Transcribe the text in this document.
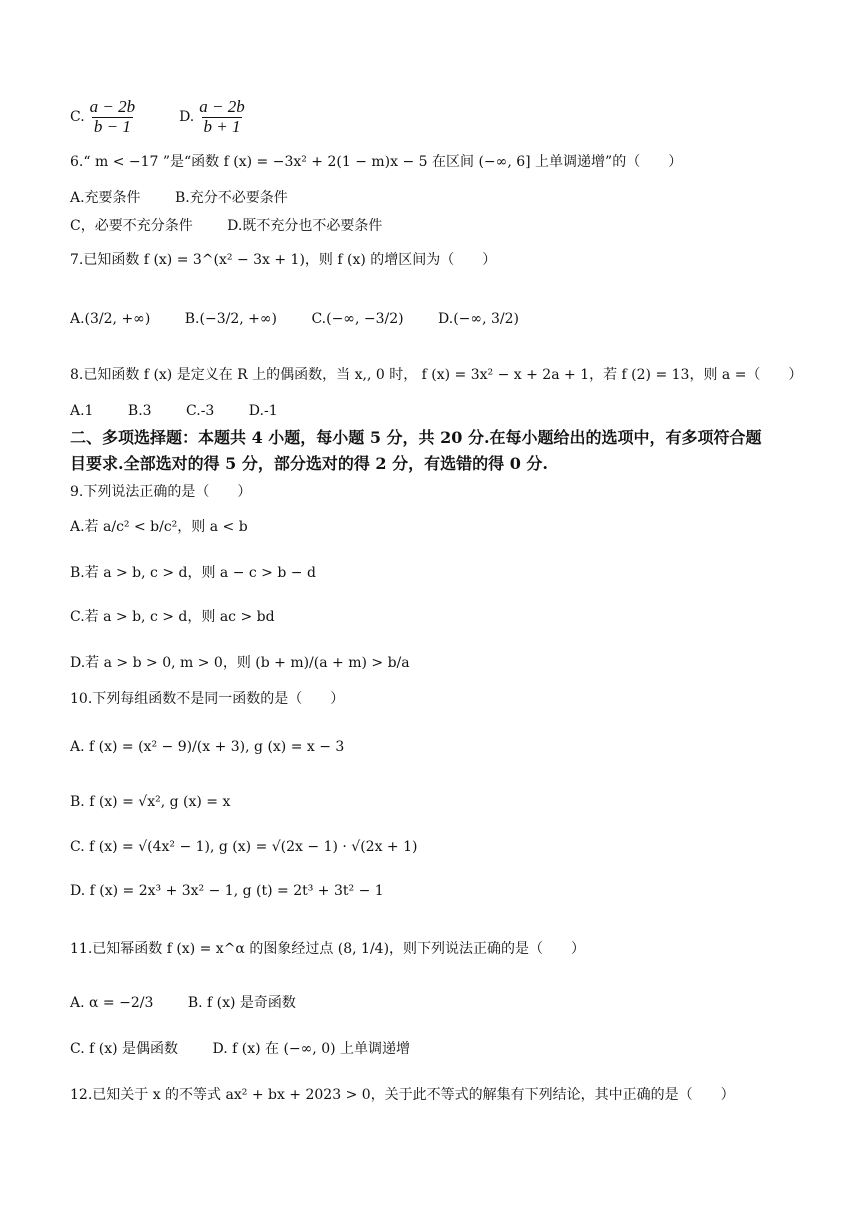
C. $\frac{a - 2b}{b - 1}$	D. $\frac{a - 2b}{b + 1}$
6.“ m < −17 ”是“函数 f (x) = −3x² + 2(1 − m)x − 5 在区间 (−∞, 6] 上单调递增”的（　　）
A.充要条件 B.充分不必要条件
C，必要不充分条件 D.既不充分也不必要条件
7.已知函数 f (x) = 3^(x² − 3x + 1)，则 f (x) 的增区间为（　　）
A.(3/2, +∞) B.(−3/2, +∞) C.(−∞, −3/2) D.(−∞, 3/2)
8.已知函数 f (x) 是定义在 R 上的偶函数，当 x,, 0 时， f (x) = 3x² − x + 2a + 1，若 f (2) = 13，则 a =（　　）
A.1 B.3 C.-3 D.-1
二、多项选择题：本题共 4 小题，每小题 5 分，共 20 分.在每小题给出的选项中，有多项符合题
目要求.全部选对的得 5 分，部分选对的得 2 分，有选错的得 0 分.
9.下列说法正确的是（　　）
A.若 a/c² < b/c²，则 a < b
B.若 a > b, c > d，则 a − c > b − d
C.若 a > b, c > d，则 ac > bd
D.若 a > b > 0, m > 0，则 (b + m)/(a + m) > b/a
10.下列每组函数不是同一函数的是（　　）
A. f (x) = (x² − 9)/(x + 3), g (x) = x − 3
B. f (x) = √x², g (x) = x
C. f (x) = √(4x² − 1), g (x) = √(2x − 1) · √(2x + 1)
D. f (x) = 2x³ + 3x² − 1, g (t) = 2t³ + 3t² − 1
11.已知幂函数 f (x) = x^α 的图象经过点 (8, 1/4)，则下列说法正确的是（　　）
A. α = −2/3 B. f (x) 是奇函数
C. f (x) 是偶函数 D. f (x) 在 (−∞, 0) 上单调递增
12.已知关于 x 的不等式 ax² + bx + 2023 > 0，关于此不等式的解集有下列结论，其中正确的是（　　）
